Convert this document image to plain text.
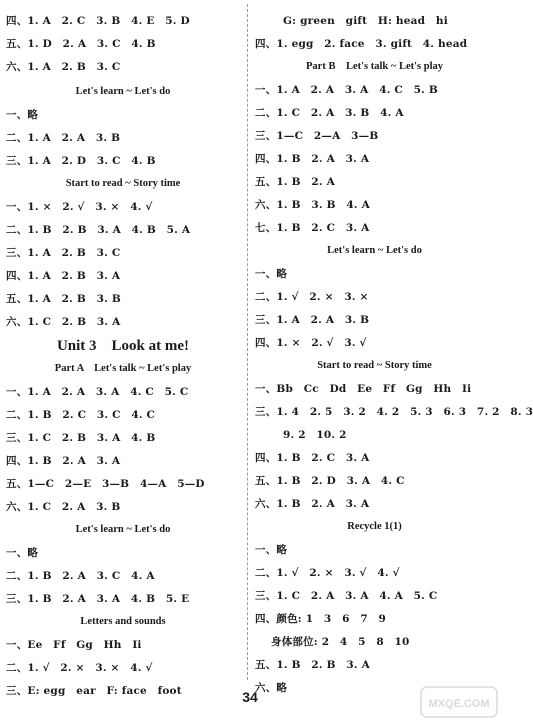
四、1. A　2. C　3. B　4. E　5. D
五、1. D　2. A　3. C　4. B
六、1. A　2. B　3. C
Let's learn ~ Let's do
一、略
二、1. A　2. A　3. B
三、1. A　2. D　3. C　4. B
Start to read ~ Story time
一、1. ×　2. √　3. ×　4. √
二、1. B　2. B　3. A　4. B　5. A
三、1. A　2. B　3. C
四、1. A　2. B　3. A
五、1. A　2. B　3. B
六、1. C　2. B　3. A
Unit 3　Look at me!
Part A　Let's talk ~ Let's play
一、1. A　2. A　3. A　4. C　5. C
二、1. B　2. C　3. C　4. C
三、1. C　2. B　3. A　4. B
四、1. B　2. A　3. A
五、1—C　2—E　3—B　4—A　5—D
六、1. C　2. A　3. B
Let's learn ~ Let's do
一、略
二、1. B　2. A　3. C　4. A
三、1. B　2. A　3. A　4. B　5. E
Letters and sounds
一、Ee　Ff　Gg　Hh　Ii
二、1. √　2. ×　3. ×　4. √
三、E: egg　ear　F: face　foot
G: green　gift　H: head　hi
四、1. egg　2. face　3. gift　4. head
Part B　Let's talk ~ Let's play
一、1. A　2. A　3. A　4. C　5. B
二、1. C　2. A　3. B　4. A
三、1—C　2—A　3—B
四、1. B　2. A　3. A
五、1. B　2. A
六、1. B　3. B　4. A
七、1. B　2. C　3. A
Let's learn ~ Let's do
一、略
二、1. √　2. ×　3. ×
三、1. A　2. A　3. B
四、1. ×　2. √　3. √
Start to read ~ Story time
一、Bb　Cc　Dd　Ee　Ff　Gg　Hh　Ii
三、1. 4　2. 5　3. 2　4. 2　5. 3　6. 3　7. 2　8. 3
9. 2　10. 2
四、1. B　2. C　3. A
五、1. B　2. D　3. A　4. C
六、1. B　2. A　3. A
Recycle 1(1)
一、略
二、1. √　2. ×　3. √　4. √
三、1. C　2. A　3. A　4. A　5. C
四、颜色: 1　3　6　7　9
身体部位: 2　4　5　8　10
五、1. B　2. B　3. A
六、略
34	MXQE.COM
